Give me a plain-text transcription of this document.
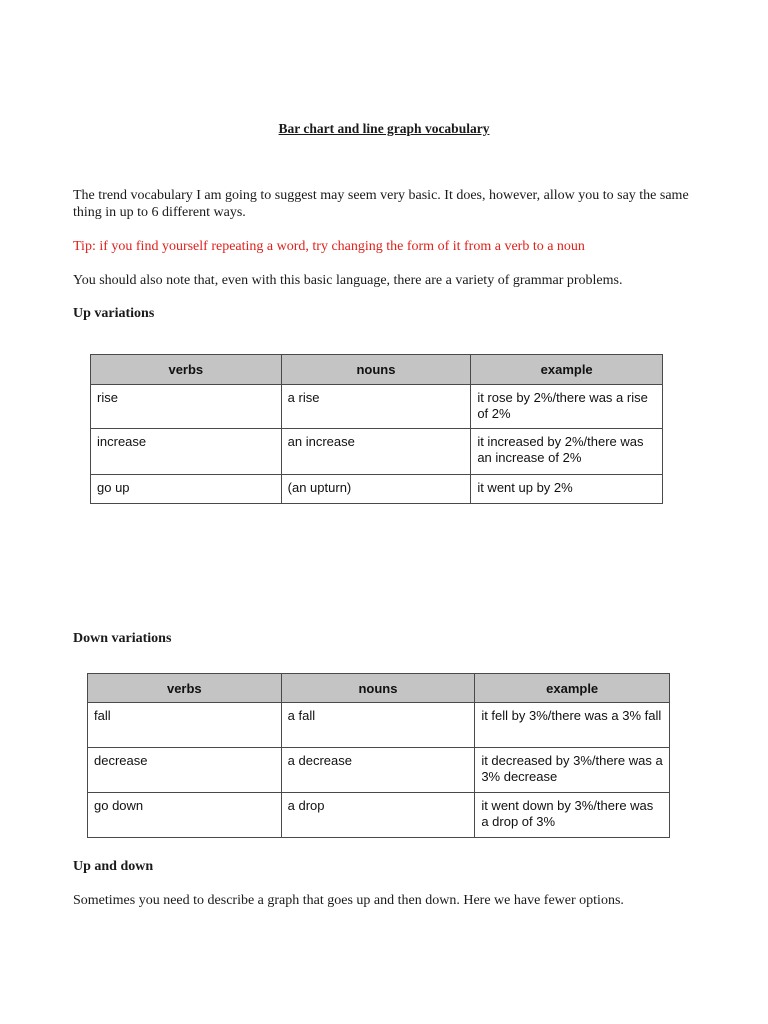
Bar chart and line graph vocabulary
The trend vocabulary I am going to suggest may seem very basic. It does, however, allow you to say the same thing in up to 6 different ways.
Tip: if you find yourself repeating a word, try changing the form of it from a verb to a noun
You should also note that, even with this basic language, there are a variety of grammar problems.
Up variations
verbs	nouns	example
rise	a rise	it rose by 2%/there was a rise of 2%
increase	an increase	it increased by 2%/there was an increase of 2%
go up	(an upturn)	it went up by 2%
Down variations
verbs	nouns	example
fall	a fall	it fell by 3%/there was a 3% fall
decrease	a decrease	it decreased by 3%/there was a 3% decrease
go down	a drop	it went down by 3%/there was a drop of 3%
Up and down
Sometimes you need to describe a graph that goes up and then down. Here we have fewer options.
